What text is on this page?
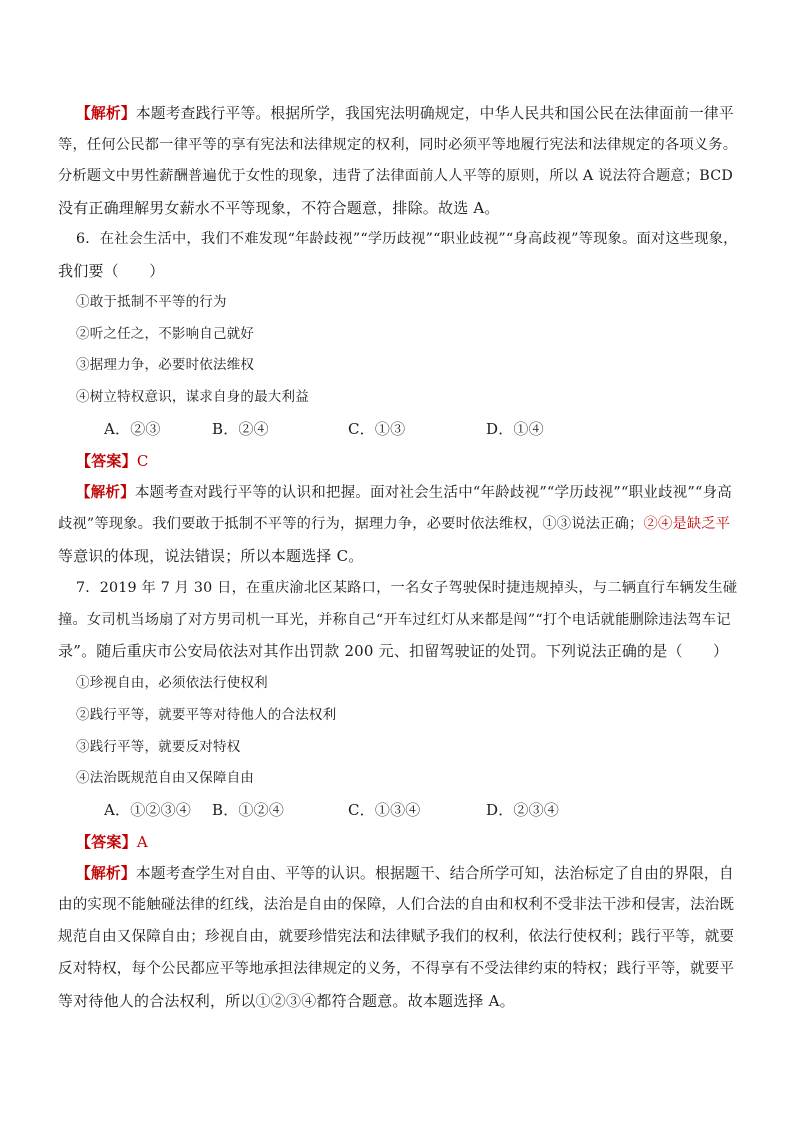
【解析】本题考查践行平等。根据所学，我国宪法明确规定，中华人民共和国公民在法律面前一律平
等，任何公民都一律平等的享有宪法和法律规定的权利，同时必须平等地履行宪法和法律规定的各项义务。
分析题文中男性薪酬普遍优于女性的现象，违背了法律面前人人平等的原则，所以 A 说法符合题意；BCD
没有正确理解男女薪水不平等现象，不符合题意，排除。故选 A。
6．在社会生活中，我们不难发现“年龄歧视”“学历歧视”“职业歧视”“身高歧视”等现象。面对这些现象，
我们要（　　）
①敢于抵制不平等的行为
②听之任之，不影响自己就好
③据理力争，必要时依法维权
④树立特权意识，谋求自身的最大利益
A．②③	B．②④	C．①③	D．①④
【答案】C
【解析】本题考查对践行平等的认识和把握。面对社会生活中“年龄歧视”“学历歧视”“职业歧视”“身高
歧视”等现象。我们要敢于抵制不平等的行为，据理力争，必要时依法维权，①③说法正确；②④是缺乏平
等意识的体现，说法错误；所以本题选择 C。
7．2019 年 7 月 30 日，在重庆渝北区某路口，一名女子驾驶保时捷违规掉头，与二辆直行车辆发生碰
撞。女司机当场扇了对方男司机一耳光，并称自己“开车过红灯从来都是闯”“打个电话就能删除违法驾车记
录”。随后重庆市公安局依法对其作出罚款 200 元、扣留驾驶证的处罚。下列说法正确的是（　　）
①珍视自由，必须依法行使权利
②践行平等，就要平等对待他人的合法权利
③践行平等，就要反对特权
④法治既规范自由又保障自由
A．①②③④ B．①②④	C．①③④	D．②③④
【答案】A
【解析】本题考查学生对自由、平等的认识。根据题干、结合所学可知，法治标定了自由的界限，自
由的实现不能触碰法律的红线，法治是自由的保障，人们合法的自由和权利不受非法干涉和侵害，法治既
规范自由又保障自由；珍视自由，就要珍惜宪法和法律赋予我们的权利，依法行使权利；践行平等，就要
反对特权，每个公民都应平等地承担法律规定的义务，不得享有不受法律约束的特权；践行平等，就要平
等对待他人的合法权利，所以①②③④都符合题意。故本题选择 A。
